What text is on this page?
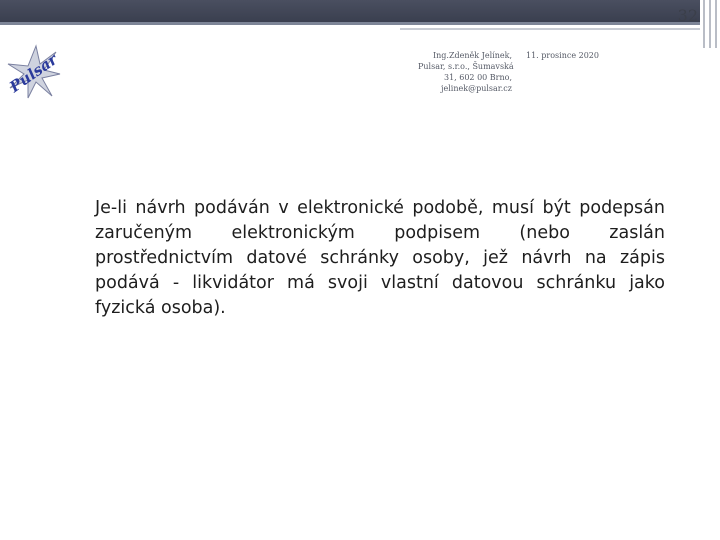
32
Pulsar	Ing.Zdeněk Jelínek,
Pulsar, s.r.o., Šumavská
31, 602 00 Brno,
jelinek@pulsar.cz
11. prosince 2020
Je-li návrh podáván v elektronické podobě, musí být podepsán zaručeným elektronickým podpisem (nebo zaslán prostřednictvím datové schránky osoby, jež návrh na zápis podává - likvidátor má svoji vlastní datovou schránku jako fyzická osoba).
